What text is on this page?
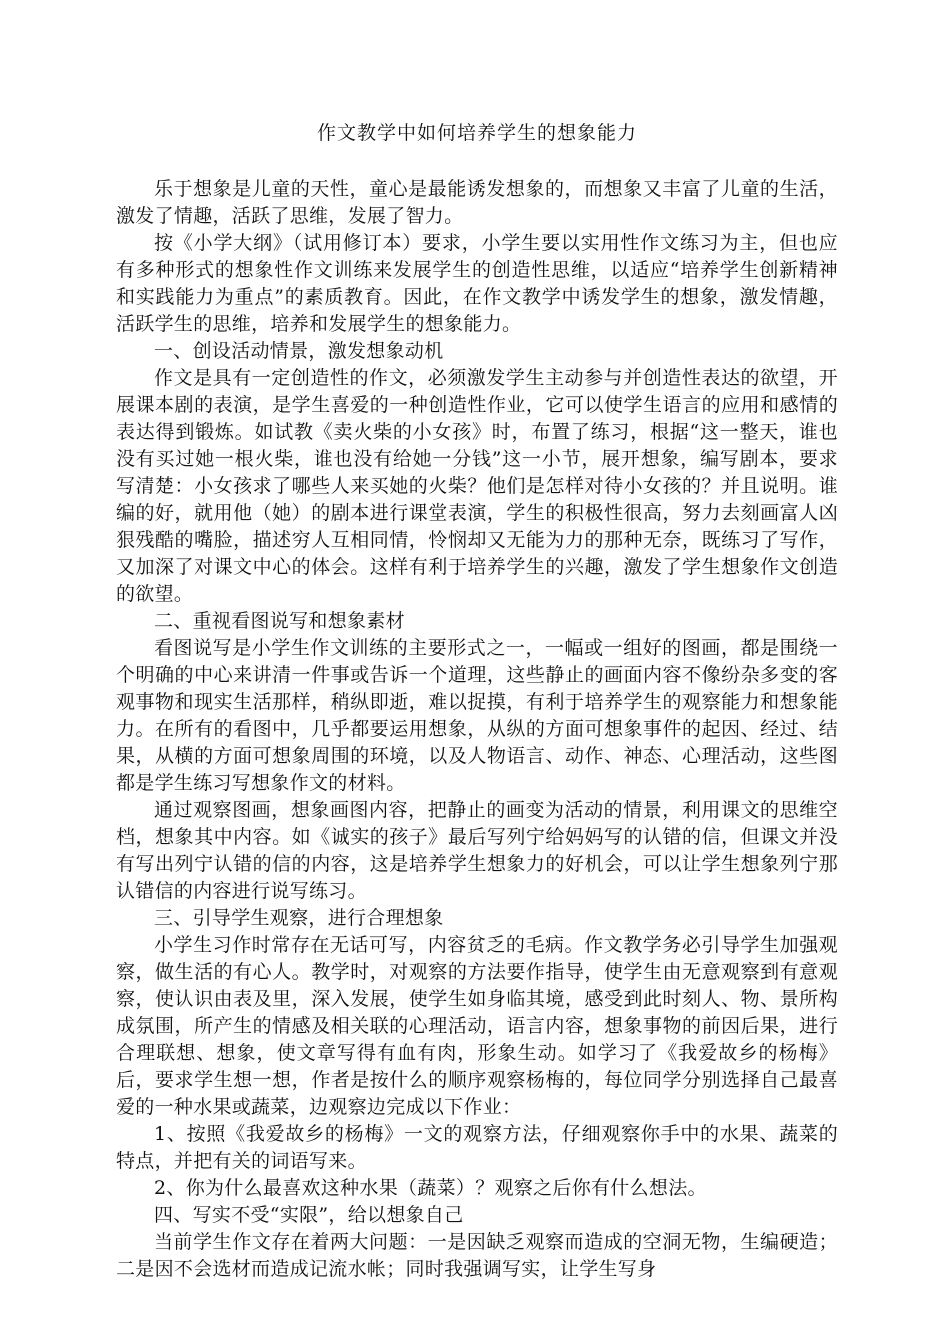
作文教学中如何培养学生的想象能力

乐于想象是儿童的天性，童心是最能诱发想象的，而想象又丰富了儿童的生活，激发了情趣，活跃了思维，发展了智力。

按《小学大纲》（试用修订本）要求，小学生要以实用性作文练习为主，但也应有多种形式的想象性作文训练来发展学生的创造性思维，以适应“培养学生创新精神和实践能力为重点”的素质教育。因此，在作文教学中诱发学生的想象，激发情趣，活跃学生的思维，培养和发展学生的想象能力。

一、创设活动情景，激发想象动机

作文是具有一定创造性的作文，必须激发学生主动参与并创造性表达的欲望，开展课本剧的表演，是学生喜爱的一种创造性作业，它可以使学生语言的应用和感情的表达得到锻炼。如试教《卖火柴的小女孩》时，布置了练习，根据“这一整天，谁也没有买过她一根火柴，谁也没有给她一分钱”这一小节，展开想象，编写剧本，要求写清楚：小女孩求了哪些人来买她的火柴？他们是怎样对待小女孩的？并且说明。谁编的好，就用他（她）的剧本进行课堂表演，学生的积极性很高，努力去刻画富人凶狠残酷的嘴脸，描述穷人互相同情，怜悯却又无能为力的那种无奈，既练习了写作，又加深了对课文中心的体会。这样有利于培养学生的兴趣，激发了学生想象作文创造的欲望。

二、重视看图说写和想象素材

看图说写是小学生作文训练的主要形式之一，一幅或一组好的图画，都是围绕一个明确的中心来讲清一件事或告诉一个道理，这些静止的画面内容不像纷杂多变的客观事物和现实生活那样，稍纵即逝，难以捉摸，有利于培养学生的观察能力和想象能力。在所有的看图中，几乎都要运用想象，从纵的方面可想象事件的起因、经过、结果，从横的方面可想象周围的环境，以及人物语言、动作、神态、心理活动，这些图都是学生练习写想象作文的材料。

通过观察图画，想象画图内容，把静止的画变为活动的情景，利用课文的思维空档，想象其中内容。如《诚实的孩子》最后写列宁给妈妈写的认错的信，但课文并没有写出列宁认错的信的内容，这是培养学生想象力的好机会，可以让学生想象列宁那认错信的内容进行说写练习。

三、引导学生观察，进行合理想象

小学生习作时常存在无话可写，内容贫乏的毛病。作文教学务必引导学生加强观察，做生活的有心人。教学时，对观察的方法要作指导，使学生由无意观察到有意观察，使认识由表及里，深入发展，使学生如身临其境，感受到此时刻人、物、景所构成氛围，所产生的情感及相关联的心理活动，语言内容，想象事物的前因后果，进行合理联想、想象，使文章写得有血有肉，形象生动。如学习了《我爱故乡的杨梅》后，要求学生想一想，作者是按什么的顺序观察杨梅的，每位同学分别选择自己最喜爱的一种水果或蔬菜，边观察边完成以下作业：

1、按照《我爱故乡的杨梅》一文的观察方法，仔细观察你手中的水果、蔬菜的特点，并把有关的词语写来。

2、你为什么最喜欢这种水果（蔬菜）？观察之后你有什么想法。

四、写实不受“实限”，给以想象自己

当前学生作文存在着两大问题：一是因缺乏观察而造成的空洞无物，生编硬造；二是因不会选材而造成记流水帐；同时我强调写实，让学生写身
